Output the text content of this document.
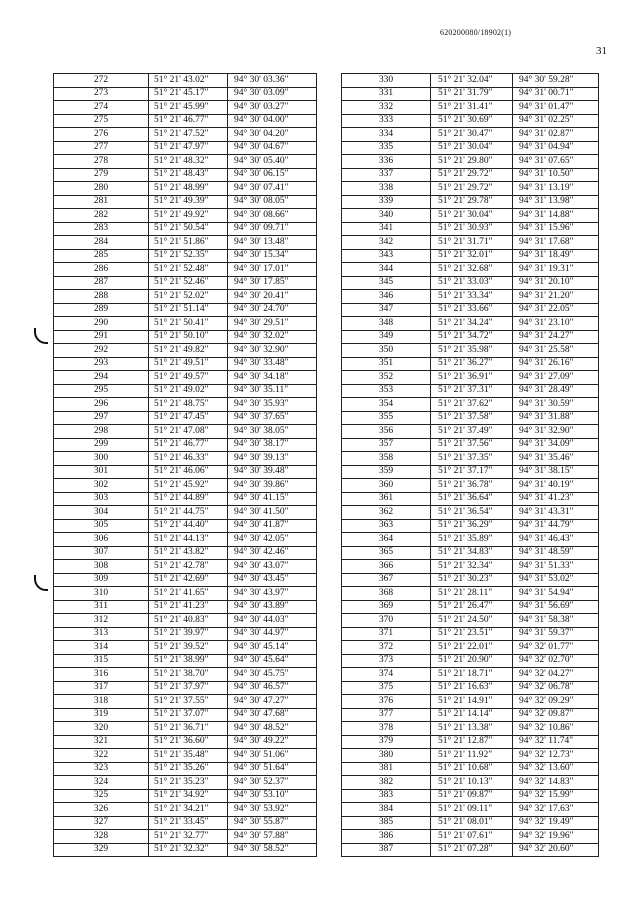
620200080/18902(1)
31
272	51° 21' 43.02"	94° 30' 03.36"
273	51° 21' 45.17"	94° 30' 03.09"
274	51° 21' 45.99"	94° 30' 03.27"
275	51° 21' 46.77"	94° 30' 04.00"
276	51° 21' 47.52"	94° 30' 04.20"
277	51° 21' 47.97"	94° 30' 04.67"
278	51° 21' 48.32"	94° 30' 05.40"
279	51° 21' 48.43"	94° 30' 06.15"
280	51° 21' 48.99"	94° 30' 07.41"
281	51° 21' 49.39"	94° 30' 08.05"
282	51° 21' 49.92"	94° 30' 08.66"
283	51° 21' 50.54"	94° 30' 09.71"
284	51° 21' 51.86"	94° 30' 13.48"
285	51° 21' 52.35"	94° 30' 15.34"
286	51° 21' 52.48"	94° 30' 17.01"
287	51° 21' 52.46"	94° 30' 17.85"
288	51° 21' 52.02"	94° 30' 20.41"
289	51° 21' 51.14"	94° 30' 24.70"
290	51° 21' 50.41"	94° 30' 29.51"
291	51° 21' 50.10"	94° 30' 32.02"
292	51° 21' 49.82"	94° 30' 32.90"
293	51° 21' 49.51"	94° 30' 33.48"
294	51° 21' 49.57"	94° 30' 34.18"
295	51° 21' 49.02"	94° 30' 35.11"
296	51° 21' 48.75"	94° 30' 35.93"
297	51° 21' 47.45"	94° 30' 37.65"
298	51° 21' 47.08"	94° 30' 38.05"
299	51° 21' 46.77"	94° 30' 38.17"
300	51° 21' 46.33"	94° 30' 39.13"
301	51° 21' 46.06"	94° 30' 39.48"
302	51° 21' 45.92"	94° 30' 39.86"
303	51° 21' 44.89"	94° 30' 41.15"
304	51° 21' 44.75"	94° 30' 41.50"
305	51° 21' 44.40"	94° 30' 41.87"
306	51° 21' 44.13"	94° 30' 42.05"
307	51° 21' 43.82"	94° 30' 42.46"
308	51° 21' 42.78"	94° 30' 43.07"
309	51° 21' 42.69"	94° 30' 43.45"
310	51° 21' 41.65"	94° 30' 43.97"
311	51° 21' 41.23"	94° 30' 43.89"
312	51° 21' 40.83"	94° 30' 44.03"
313	51° 21' 39.97"	94° 30' 44.97"
314	51° 21' 39.52"	94° 30' 45.14"
315	51° 21' 38.99"	94° 30' 45.64"
316	51° 21' 38.70"	94° 30' 45.75"
317	51° 21' 37.97"	94° 30' 46.57"
318	51° 21' 37.55"	94° 30' 47.27"
319	51° 21' 37.07"	94° 30' 47.68"
320	51° 21' 36.71"	94° 30' 48.52"
321	51° 21' 36.60"	94° 30' 49.22"
322	51° 21' 35.48"	94° 30' 51.06"
323	51° 21' 35.26"	94° 30' 51.64"
324	51° 21' 35.23"	94° 30' 52.37"
325	51° 21' 34.92"	94° 30' 53.10"
326	51° 21' 34.21"	94° 30' 53.92"
327	51° 21' 33.45"	94° 30' 55.87"
328	51° 21' 32.77"	94° 30' 57.88"
329	51° 21' 32.32"	94° 30' 58.52"
330	51° 21' 32.04"	94° 30' 59.28"
331	51° 21' 31.79"	94° 31' 00.71"
332	51° 21' 31.41"	94° 31' 01.47"
333	51° 21' 30.69"	94° 31' 02.25"
334	51° 21' 30.47"	94° 31' 02.87"
335	51° 21' 30.04"	94° 31' 04.94"
336	51° 21' 29.80"	94° 31' 07.65"
337	51° 21' 29.72"	94° 31' 10.50"
338	51° 21' 29.72"	94° 31' 13.19"
339	51° 21' 29.78"	94° 31' 13.98"
340	51° 21' 30.04"	94° 31' 14.88"
341	51° 21' 30.93"	94° 31' 15.96"
342	51° 21' 31.71"	94° 31' 17.68"
343	51° 21' 32.01"	94° 31' 18.49"
344	51° 21' 32.68"	94° 31' 19.31"
345	51° 21' 33.03"	94° 31' 20.10"
346	51° 21' 33.34"	94° 31' 21.20"
347	51° 21' 33.66"	94° 31' 22.05"
348	51° 21' 34.24"	94° 31' 23.10"
349	51° 21' 34.72"	94° 31' 24.27"
350	51° 21' 35.98"	94° 31' 25.58"
351	51° 21' 36.27"	94° 31' 26.16"
352	51° 21' 36.91"	94° 31' 27.09"
353	51° 21' 37.31"	94° 31' 28.49"
354	51° 21' 37.62"	94° 31' 30.59"
355	51° 21' 37.58"	94° 31' 31.88"
356	51° 21' 37.49"	94° 31' 32.90"
357	51° 21' 37.56"	94° 31' 34.09"
358	51° 21' 37.35"	94° 31' 35.46"
359	51° 21' 37.17"	94° 31' 38.15"
360	51° 21' 36.78"	94° 31' 40.19"
361	51° 21' 36.64"	94° 31' 41.23"
362	51° 21' 36.54"	94° 31' 43.31"
363	51° 21' 36.29"	94° 31' 44.79"
364	51° 21' 35.89"	94° 31' 46.43"
365	51° 21' 34.83"	94° 31' 48.59"
366	51° 21' 32.34"	94° 31' 51.33"
367	51° 21' 30.23"	94° 31' 53.02"
368	51° 21' 28.11"	94° 31' 54.94"
369	51° 21' 26.47"	94° 31' 56.69"
370	51° 21' 24.50"	94° 31' 58.38"
371	51° 21' 23.51"	94° 31' 59.37"
372	51° 21' 22.01"	94° 32' 01.77"
373	51° 21' 20.90"	94° 32' 02.70"
374	51° 21' 18.71"	94° 32' 04.27"
375	51° 21' 16.63"	94° 32' 06.78"
376	51° 21' 14.91"	94° 32' 09.29"
377	51° 21' 14.14"	94° 32' 09.87"
378	51° 21' 13.38"	94° 32' 10.86"
379	51° 21' 12.87"	94° 32' 11.74"
380	51° 21' 11.92"	94° 32' 12.73"
381	51° 21' 10.68"	94° 32' 13.60"
382	51° 21' 10.13"	94° 32' 14.83"
383	51° 21' 09.87"	94° 32' 15.99"
384	51° 21' 09.11"	94° 32' 17.63"
385	51° 21' 08.01"	94° 32' 19.49"
386	51° 21' 07.61"	94° 32' 19.96"
387	51° 21' 07.28"	94° 32' 20.60"
